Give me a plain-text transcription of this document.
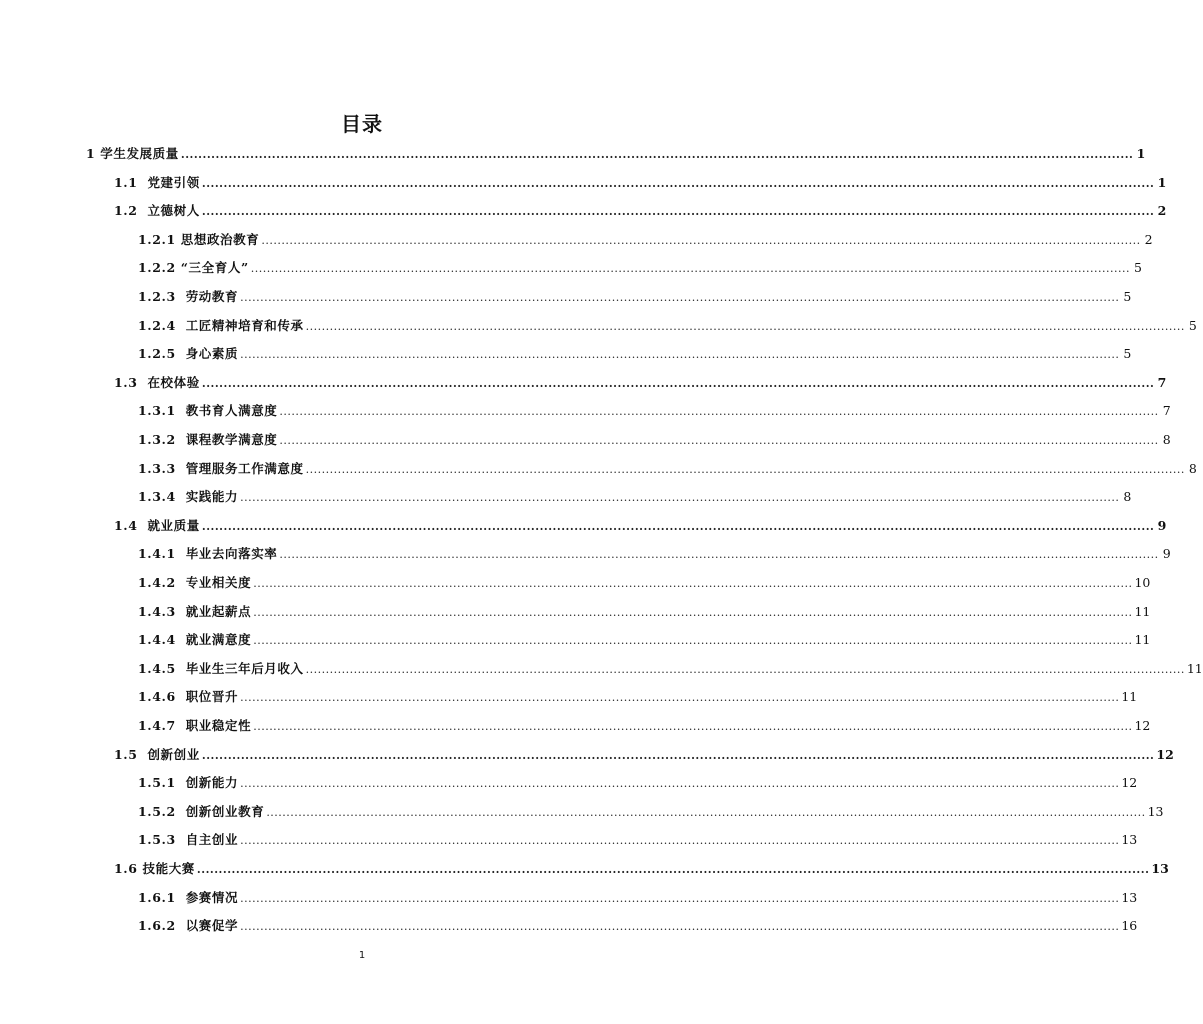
目录
1 学生发展质量 ............................................................................................................................................................................................................................ 1
1.1  党建引领 ............................................................................................................................................................................................................................ 1
1.2  立德树人 ............................................................................................................................................................................................................................ 2
1.2.1 思想政治教育 ............................................................................................................................................................................................................................ 2
1.2.2 “三全育人” ............................................................................................................................................................................................................................ 5
1.2.3  劳动教育 ............................................................................................................................................................................................................................ 5
1.2.4  工匠精神培育和传承 ............................................................................................................................................................................................................................ 5
1.2.5  身心素质 ............................................................................................................................................................................................................................ 5
1.3  在校体验 ............................................................................................................................................................................................................................ 7
1.3.1  教书育人满意度 ............................................................................................................................................................................................................................ 7
1.3.2  课程教学满意度 ............................................................................................................................................................................................................................ 8
1.3.3  管理服务工作满意度 ............................................................................................................................................................................................................................ 8
1.3.4  实践能力 ............................................................................................................................................................................................................................ 8
1.4  就业质量 ............................................................................................................................................................................................................................ 9
1.4.1  毕业去向落实率 ............................................................................................................................................................................................................................ 9
1.4.2  专业相关度 ............................................................................................................................................................................................................................ 10
1.4.3  就业起薪点 ............................................................................................................................................................................................................................ 11
1.4.4  就业满意度 ............................................................................................................................................................................................................................ 11
1.4.5  毕业生三年后月收入 ............................................................................................................................................................................................................................ 11
1.4.6  职位晋升 ............................................................................................................................................................................................................................ 11
1.4.7  职业稳定性 ............................................................................................................................................................................................................................ 12
1.5  创新创业 ............................................................................................................................................................................................................................ 12
1.5.1  创新能力 ............................................................................................................................................................................................................................ 12
1.5.2  创新创业教育 ............................................................................................................................................................................................................................ 13
1.5.3  自主创业 ............................................................................................................................................................................................................................ 13
1.6 技能大赛 ............................................................................................................................................................................................................................ 13
1.6.1  参赛情况 ............................................................................................................................................................................................................................ 13
1.6.2  以赛促学 ............................................................................................................................................................................................................................ 16
1
